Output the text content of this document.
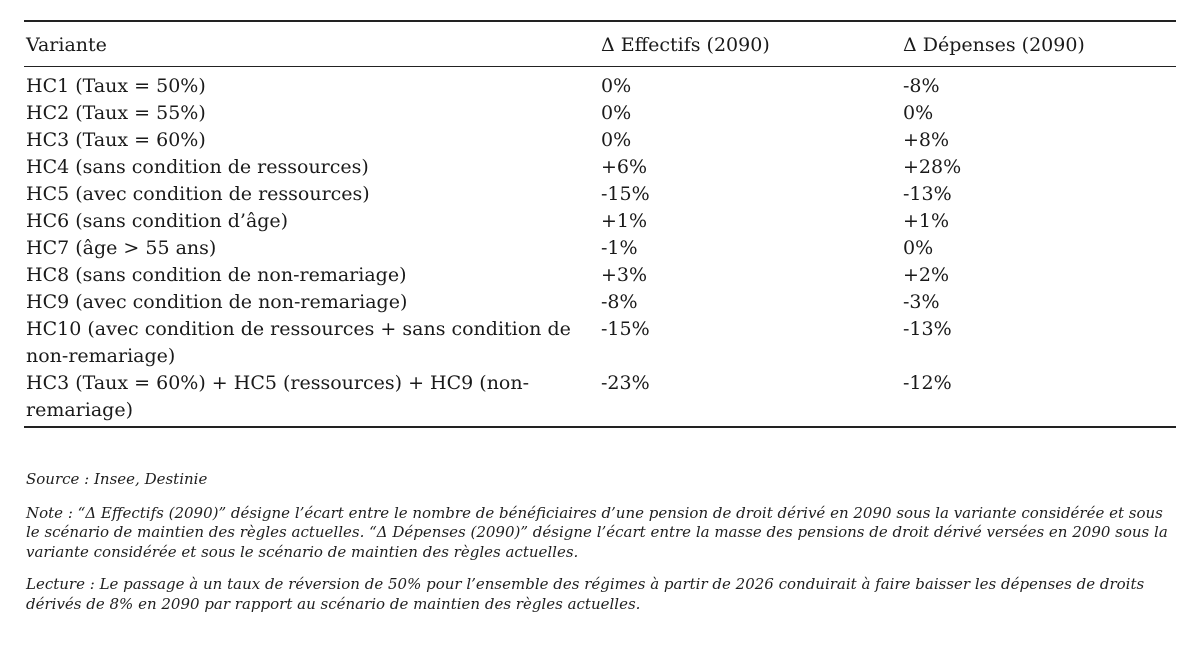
Variante	Δ Effectifs (2090)	Δ Dépenses (2090)
HC1 (Taux = 50%)	0%	-8%
HC2 (Taux = 55%)	0%	0%
HC3 (Taux = 60%)	0%	+8%
HC4 (sans condition de ressources)	+6%	+28%
HC5 (avec condition de ressources)	-15%	-13%
HC6 (sans condition d’âge)	+1%	+1%
HC7 (âge > 55 ans)	-1%	0%
HC8 (sans condition de non-remariage)	+3%	+2%
HC9 (avec condition de non-remariage)	-8%	-3%
HC10 (avec condition de ressources + sans condition de non-remariage)	-15%	-13%
HC3 (Taux = 60%) + HC5 (ressources) + HC9 (non-remariage)	-23%	-12%

Source : Insee, Destinie

Note : “Δ Effectifs (2090)” désigne l’écart entre le nombre de bénéficiaires d’une pension de droit dérivé en 2090 sous la variante considérée et sous le scénario de maintien des règles actuelles. “Δ Dépenses (2090)” désigne l’écart entre la masse des pensions de droit dérivé versées en 2090 sous la variante considérée et sous le scénario de maintien des règles actuelles.

Lecture : Le passage à un taux de réversion de 50% pour l’ensemble des régimes à partir de 2026 conduirait à faire baisser les dépenses de droits dérivés de 8% en 2090 par rapport au scénario de maintien des règles actuelles.
